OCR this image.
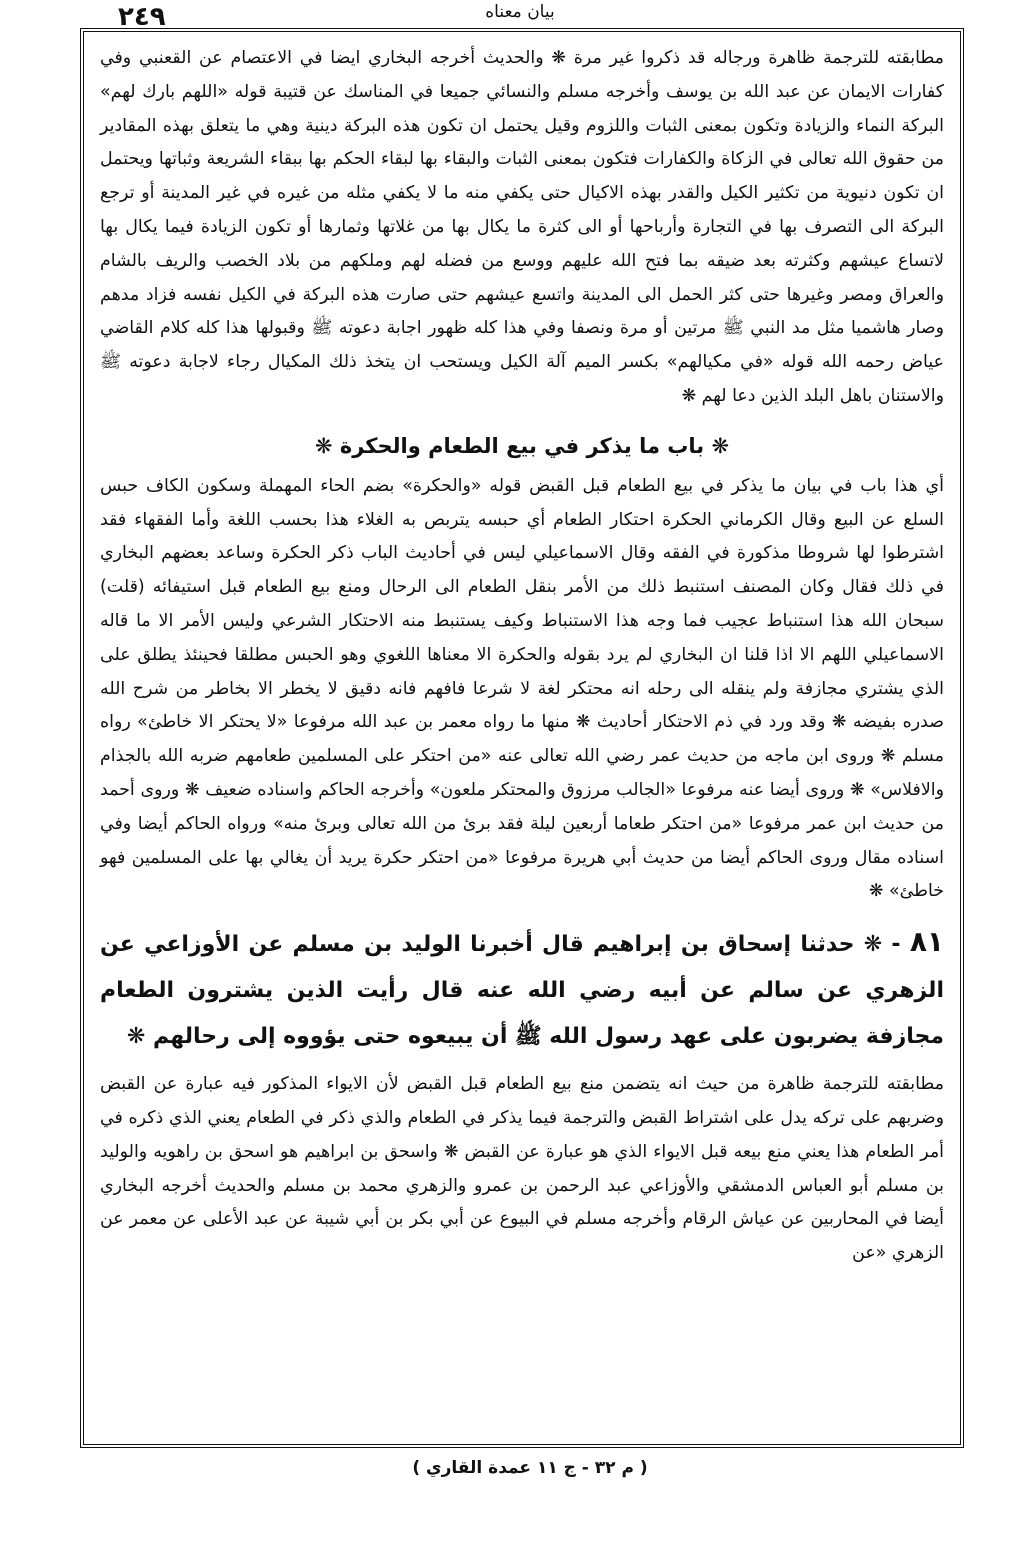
٢٤٩	بيان معناه

مطابقته للترجمة ظاهرة ورجاله قد ذكروا غير مرة ❋ والحديث أخرجه البخاري ايضا في الاعتصام عن القعنبي وفي كفارات الايمان عن عبد الله بن يوسف وأخرجه مسلم والنسائي جميعا في المناسك عن قتيبة قوله «اللهم بارك لهم» البركة النماء والزيادة وتكون بمعنى الثبات واللزوم وقيل يحتمل ان تكون هذه البركة دينية وهي ما يتعلق بهذه المقادير من حقوق الله تعالى في الزكاة والكفارات فتكون بمعنى الثبات والبقاء بها لبقاء الحكم بها ببقاء الشريعة وثباتها ويحتمل ان تكون دنيوية من تكثير الكيل والقدر بهذه الاكيال حتى يكفي منه ما لا يكفي مثله من غيره في غير المدينة أو ترجع البركة الى التصرف بها في التجارة وأرباحها أو الى كثرة ما يكال بها من غلاتها وثمارها أو تكون الزيادة فيما يكال بها لاتساع عيشهم وكثرته بعد ضيقه بما فتح الله عليهم ووسع من فضله لهم وملكهم من بلاد الخصب والريف بالشام والعراق ومصر وغيرها حتى كثر الحمل الى المدينة واتسع عيشهم حتى صارت هذه البركة في الكيل نفسه فزاد مدهم وصار هاشميا مثل مد النبي ﷺ مرتين أو مرة ونصفا وفي هذا كله ظهور اجابة دعوته ﷺ وقبولها هذا كله كلام القاضي عياض رحمه الله قوله «في مكيالهم» بكسر الميم آلة الكيل ويستحب ان يتخذ ذلك المكيال رجاء لاجابة دعوته ﷺ والاستنان باهل البلد الذين دعا لهم ❋

❋ باب ما يذكر في بيع الطعام والحكرة ❋

أي هذا باب في بيان ما يذكر في بيع الطعام قبل القبض قوله «والحكرة» بضم الحاء المهملة وسكون الكاف حبس السلع عن البيع وقال الكرماني الحكرة احتكار الطعام أي حبسه يتربص به الغلاء هذا بحسب اللغة وأما الفقهاء فقد اشترطوا لها شروطا مذكورة في الفقه وقال الاسماعيلي ليس في أحاديث الباب ذكر الحكرة وساعد بعضهم البخاري في ذلك فقال وكان المصنف استنبط ذلك من الأمر بنقل الطعام الى الرحال ومنع بيع الطعام قبل استيفائه (قلت) سبحان الله هذا استنباط عجيب فما وجه هذا الاستنباط وكيف يستنبط منه الاحتكار الشرعي وليس الأمر الا ما قاله الاسماعيلي اللهم الا اذا قلنا ان البخاري لم يرد بقوله والحكرة الا معناها اللغوي وهو الحبس مطلقا فحينئذ يطلق على الذي يشتري مجازفة ولم ينقله الى رحله انه محتكر لغة لا شرعا فافهم فانه دقيق لا يخطر الا بخاطر من شرح الله صدره بفيضه ❋ وقد ورد في ذم الاحتكار أحاديث ❋ منها ما رواه معمر بن عبد الله مرفوعا «لا يحتكر الا خاطئ» رواه مسلم ❋ وروى ابن ماجه من حديث عمر رضي الله تعالى عنه «من احتكر على المسلمين طعامهم ضربه الله بالجذام والافلاس» ❋ وروى أيضا عنه مرفوعا «الجالب مرزوق والمحتكر ملعون» وأخرجه الحاكم واسناده ضعيف ❋ وروى أحمد من حديث ابن عمر مرفوعا «من احتكر طعاما أربعين ليلة فقد برئ من الله تعالى وبرئ منه» ورواه الحاكم أيضا وفي اسناده مقال وروى الحاكم أيضا من حديث أبي هريرة مرفوعا «من احتكر حكرة يريد أن يغالي بها على المسلمين فهو خاطئ» ❋

٨١ - ❋ حدثنا إسحاق بن إبراهيم قال أخبرنا الوليد بن مسلم عن الأوزاعي عن الزهري عن سالم عن أبيه رضي الله عنه قال رأيت الذين يشترون الطعام مجازفة يضربون على عهد رسول الله ﷺ أن يبيعوه حتى يؤووه إلى رحالهم ❋

مطابقته للترجمة ظاهرة من حيث انه يتضمن منع بيع الطعام قبل القبض لأن الايواء المذكور فيه عبارة عن القبض وضربهم على تركه يدل على اشتراط القبض والترجمة فيما يذكر في الطعام والذي ذكر في الطعام يعني الذي ذكره في أمر الطعام هذا يعني منع بيعه قبل الايواء الذي هو عبارة عن القبض ❋ واسحق بن ابراهيم هو اسحق بن راهويه والوليد بن مسلم أبو العباس الدمشقي والأوزاعي عبد الرحمن بن عمرو والزهري محمد بن مسلم والحديث أخرجه البخاري أيضا في المحاربين عن عياش الرقام وأخرجه مسلم في البيوع عن أبي بكر بن أبي شيبة عن عبد الأعلى عن معمر عن الزهري «عن

( م ٣٢ - ج ١١ عمدة القاري )
